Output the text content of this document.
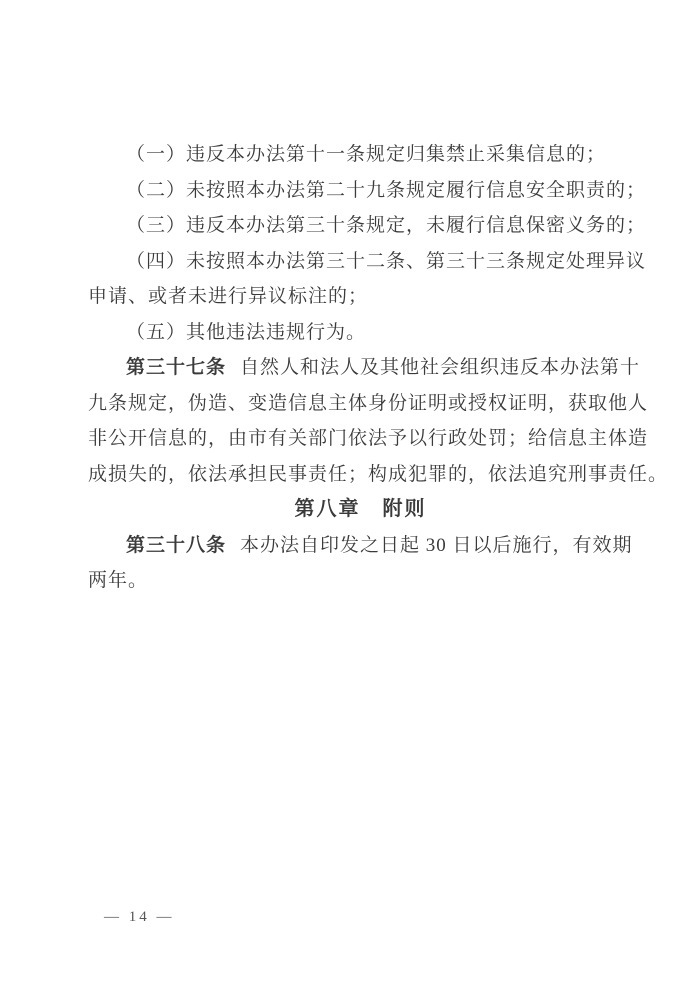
（一）违反本办法第十一条规定归集禁止采集信息的；
（二）未按照本办法第二十九条规定履行信息安全职责的；
（三）违反本办法第三十条规定，未履行信息保密义务的；
（四）未按照本办法第三十二条、第三十三条规定处理异议
申请、或者未进行异议标注的；
（五）其他违法违规行为。
第三十七条 自然人和法人及其他社会组织违反本办法第十
九条规定，伪造、变造信息主体身份证明或授权证明，获取他人
非公开信息的，由市有关部门依法予以行政处罚；给信息主体造
成损失的，依法承担民事责任；构成犯罪的，依法追究刑事责任。
第八章　附则
第三十八条 本办法自印发之日起 30 日以后施行，有效期
两年。
— 14 —
